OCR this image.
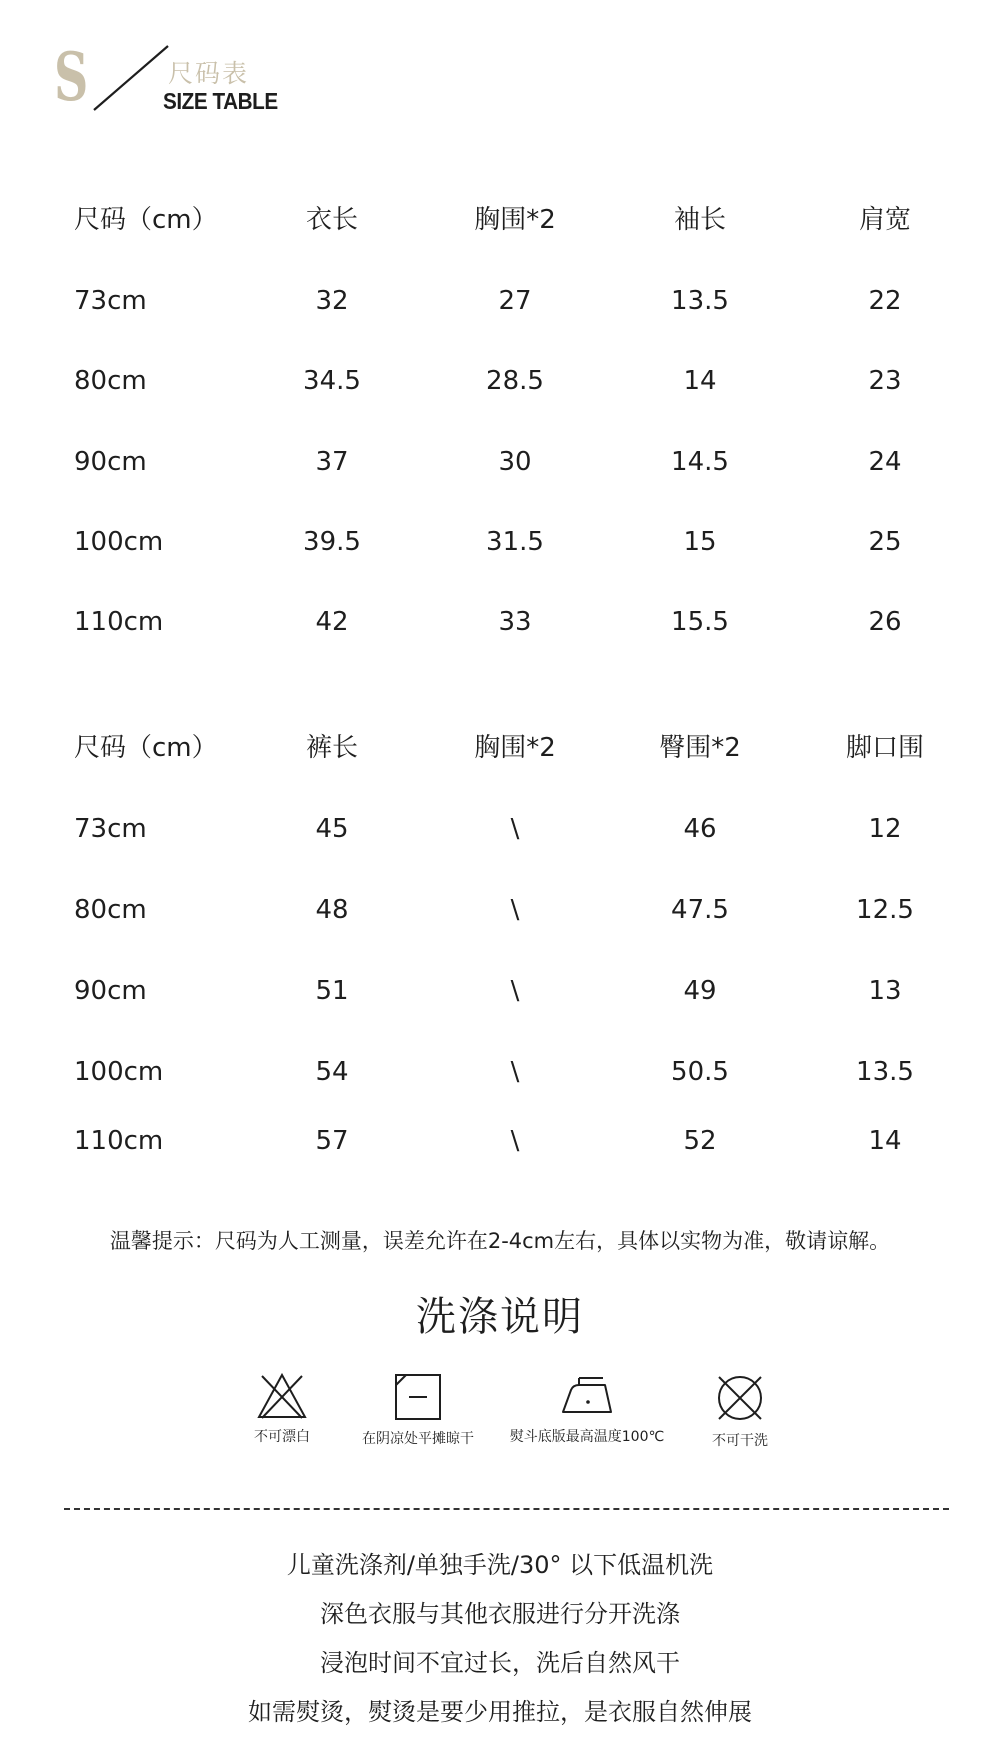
S	尺码表
SIZE TABLE
尺码（cm）	衣长	胸围*2	袖长	肩宽
73cm	32	27	13.5	22
80cm	34.5	28.5	14	23
90cm	37	30	14.5	24
100cm	39.5	31.5	15	25
110cm	42	33	15.5	26
尺码（cm）	裤长	胸围*2	臀围*2	脚口围
73cm	45	\	46	12
80cm	48	\	47.5	12.5
90cm	51	\	49	13
100cm	54	\	50.5	13.5
110cm	57	\	52	14
温馨提示：尺码为人工测量，误差允许在2-4cm左右，具体以实物为准，敬请谅解。
洗涤说明
不可漂白	在阴凉处平摊晾干	熨斗底版最高温度100℃	不可干洗
儿童洗涤剂/单独手洗/30° 以下低温机洗
深色衣服与其他衣服进行分开洗涤
浸泡时间不宜过长，洗后自然风干
如需熨烫，熨烫是要少用推拉，是衣服自然伸展
